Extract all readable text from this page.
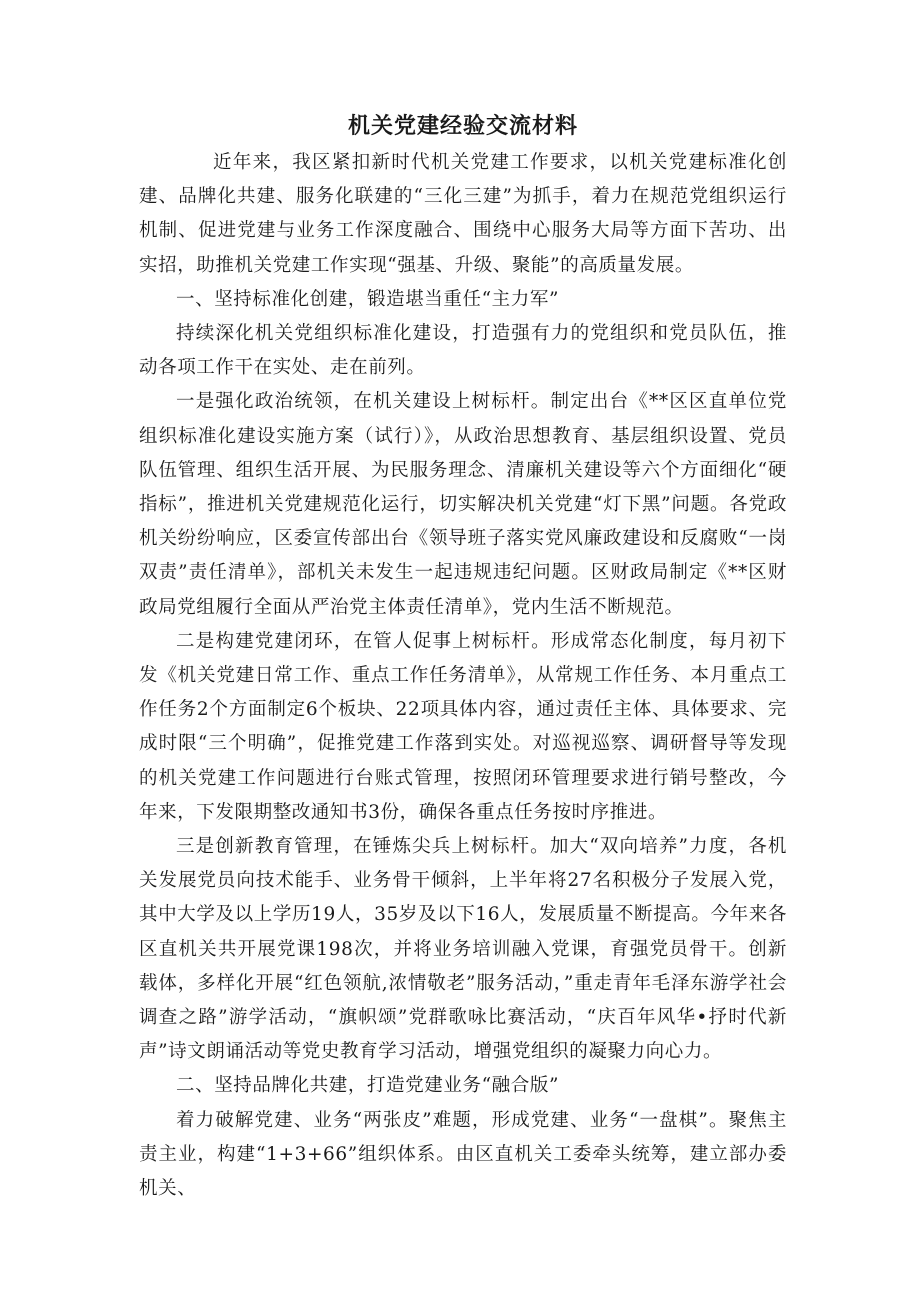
机关党建经验交流材料

近年来，我区紧扣新时代机关党建工作要求，以机关党建标准化创建、品牌化共建、服务化联建的“三化三建”为抓手，着力在规范党组织运行机制、促进党建与业务工作深度融合、围绕中心服务大局等方面下苦功、出实招，助推机关党建工作实现“强基、升级、聚能”的高质量发展。

一、坚持标准化创建，锻造堪当重任“主力军”

持续深化机关党组织标准化建设，打造强有力的党组织和党员队伍，推动各项工作干在实处、走在前列。

一是强化政治统领，在机关建设上树标杆。制定出台《**区区直单位党组织标准化建设实施方案（试行）》，从政治思想教育、基层组织设置、党员队伍管理、组织生活开展、为民服务理念、清廉机关建设等六个方面细化“硬指标”，推进机关党建规范化运行，切实解决机关党建“灯下黑”问题。各党政机关纷纷响应，区委宣传部出台《领导班子落实党风廉政建设和反腐败“一岗双责”责任清单》，部机关未发生一起违规违纪问题。区财政局制定《**区财政局党组履行全面从严治党主体责任清单》，党内生活不断规范。

二是构建党建闭环，在管人促事上树标杆。形成常态化制度，每月初下发《机关党建日常工作、重点工作任务清单》，从常规工作任务、本月重点工作任务2个方面制定6个板块、22项具体内容，通过责任主体、具体要求、完成时限“三个明确”，促推党建工作落到实处。对巡视巡察、调研督导等发现的机关党建工作问题进行台账式管理，按照闭环管理要求进行销号整改，今年来，下发限期整改通知书3份，确保各重点任务按时序推进。

三是创新教育管理，在锤炼尖兵上树标杆。加大“双向培养”力度，各机关发展党员向技术能手、业务骨干倾斜，上半年将27名积极分子发展入党，其中大学及以上学历19人，35岁及以下16人，发展质量不断提高。今年来各区直机关共开展党课198次，并将业务培训融入党课，育强党员骨干。创新载体，多样化开展“红色领航,浓情敬老”服务活动，”重走青年毛泽东游学社会调查之路”游学活动，“旗帜颂”党群歌咏比赛活动，“庆百年风华•抒时代新声”诗文朗诵活动等党史教育学习活动，增强党组织的凝聚力向心力。

二、坚持品牌化共建，打造党建业务“融合版”

着力破解党建、业务“两张皮”难题，形成党建、业务“一盘棋”。聚焦主责主业，构建“1+3+66”组织体系。由区直机关工委牵头统筹，建立部办委机关、
